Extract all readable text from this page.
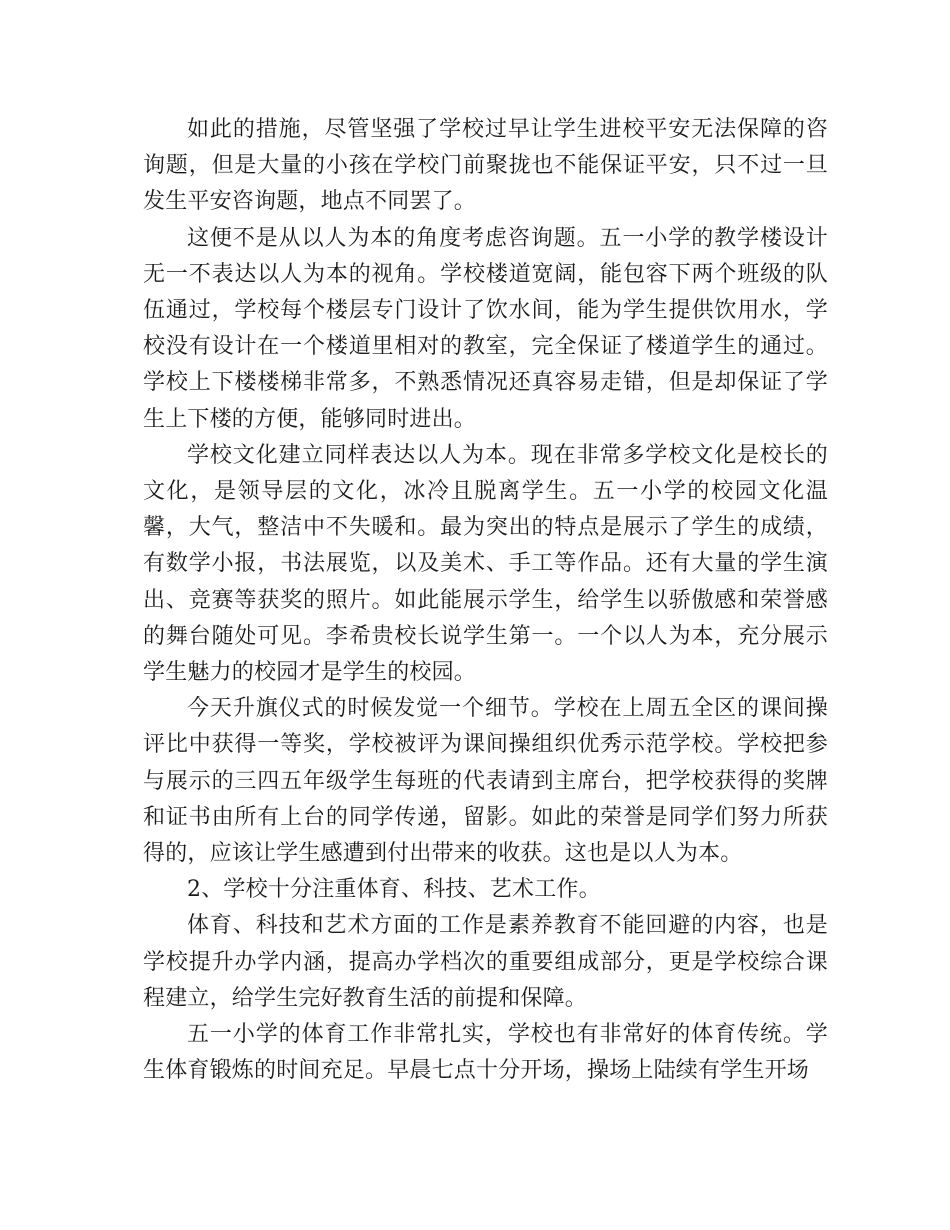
如此的措施，尽管坚强了学校过早让学生进校平安无法保障的咨询题，但是大量的小孩在学校门前聚拢也不能保证平安，只不过一旦发生平安咨询题，地点不同罢了。

这便不是从以人为本的角度考虑咨询题。五一小学的教学楼设计无一不表达以人为本的视角。学校楼道宽阔，能包容下两个班级的队伍通过，学校每个楼层专门设计了饮水间，能为学生提供饮用水，学校没有设计在一个楼道里相对的教室，完全保证了楼道学生的通过。学校上下楼楼梯非常多，不熟悉情况还真容易走错，但是却保证了学生上下楼的方便，能够同时进出。

学校文化建立同样表达以人为本。现在非常多学校文化是校长的文化，是领导层的文化，冰冷且脱离学生。五一小学的校园文化温馨，大气，整洁中不失暖和。最为突出的特点是展示了学生的成绩，有数学小报，书法展览，以及美术、手工等作品。还有大量的学生演出、竞赛等获奖的照片。如此能展示学生，给学生以骄傲感和荣誉感的舞台随处可见。李希贵校长说学生第一。一个以人为本，充分展示学生魅力的校园才是学生的校园。

今天升旗仪式的时候发觉一个细节。学校在上周五全区的课间操评比中获得一等奖，学校被评为课间操组织优秀示范学校。学校把参与展示的三四五年级学生每班的代表请到主席台，把学校获得的奖牌和证书由所有上台的同学传递，留影。如此的荣誉是同学们努力所获得的，应该让学生感遭到付出带来的收获。这也是以人为本。

2、学校十分注重体育、科技、艺术工作。

体育、科技和艺术方面的工作是素养教育不能回避的内容，也是学校提升办学内涵，提高办学档次的重要组成部分，更是学校综合课程建立，给学生完好教育生活的前提和保障。

五一小学的体育工作非常扎实，学校也有非常好的体育传统。学生体育锻炼的时间充足。早晨七点十分开场，操场上陆续有学生开场
